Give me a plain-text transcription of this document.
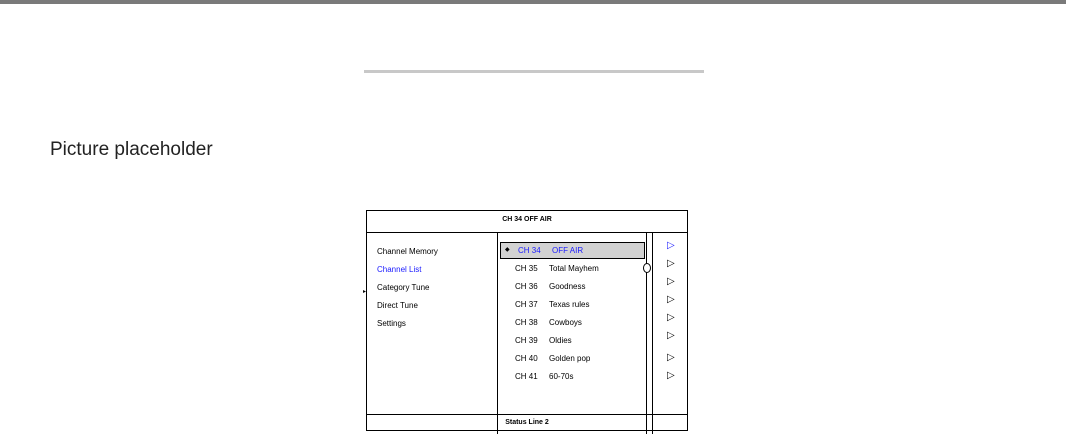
Picture placeholder
CH 34 OFF AIR
▸
Channel Memory
Channel List
Category Tune
Direct Tune
Settings
◆ CH 34 OFF AIR
CH 35 Total Mayhem
CH 36 Goodness
CH 37 Texas rules
CH 38 Cowboys
CH 39 Oldies
CH 40 Golden pop
CH 41 60-70s
▷
▷
▷
▷
▷
▷
▷
▷
Status Line 2
